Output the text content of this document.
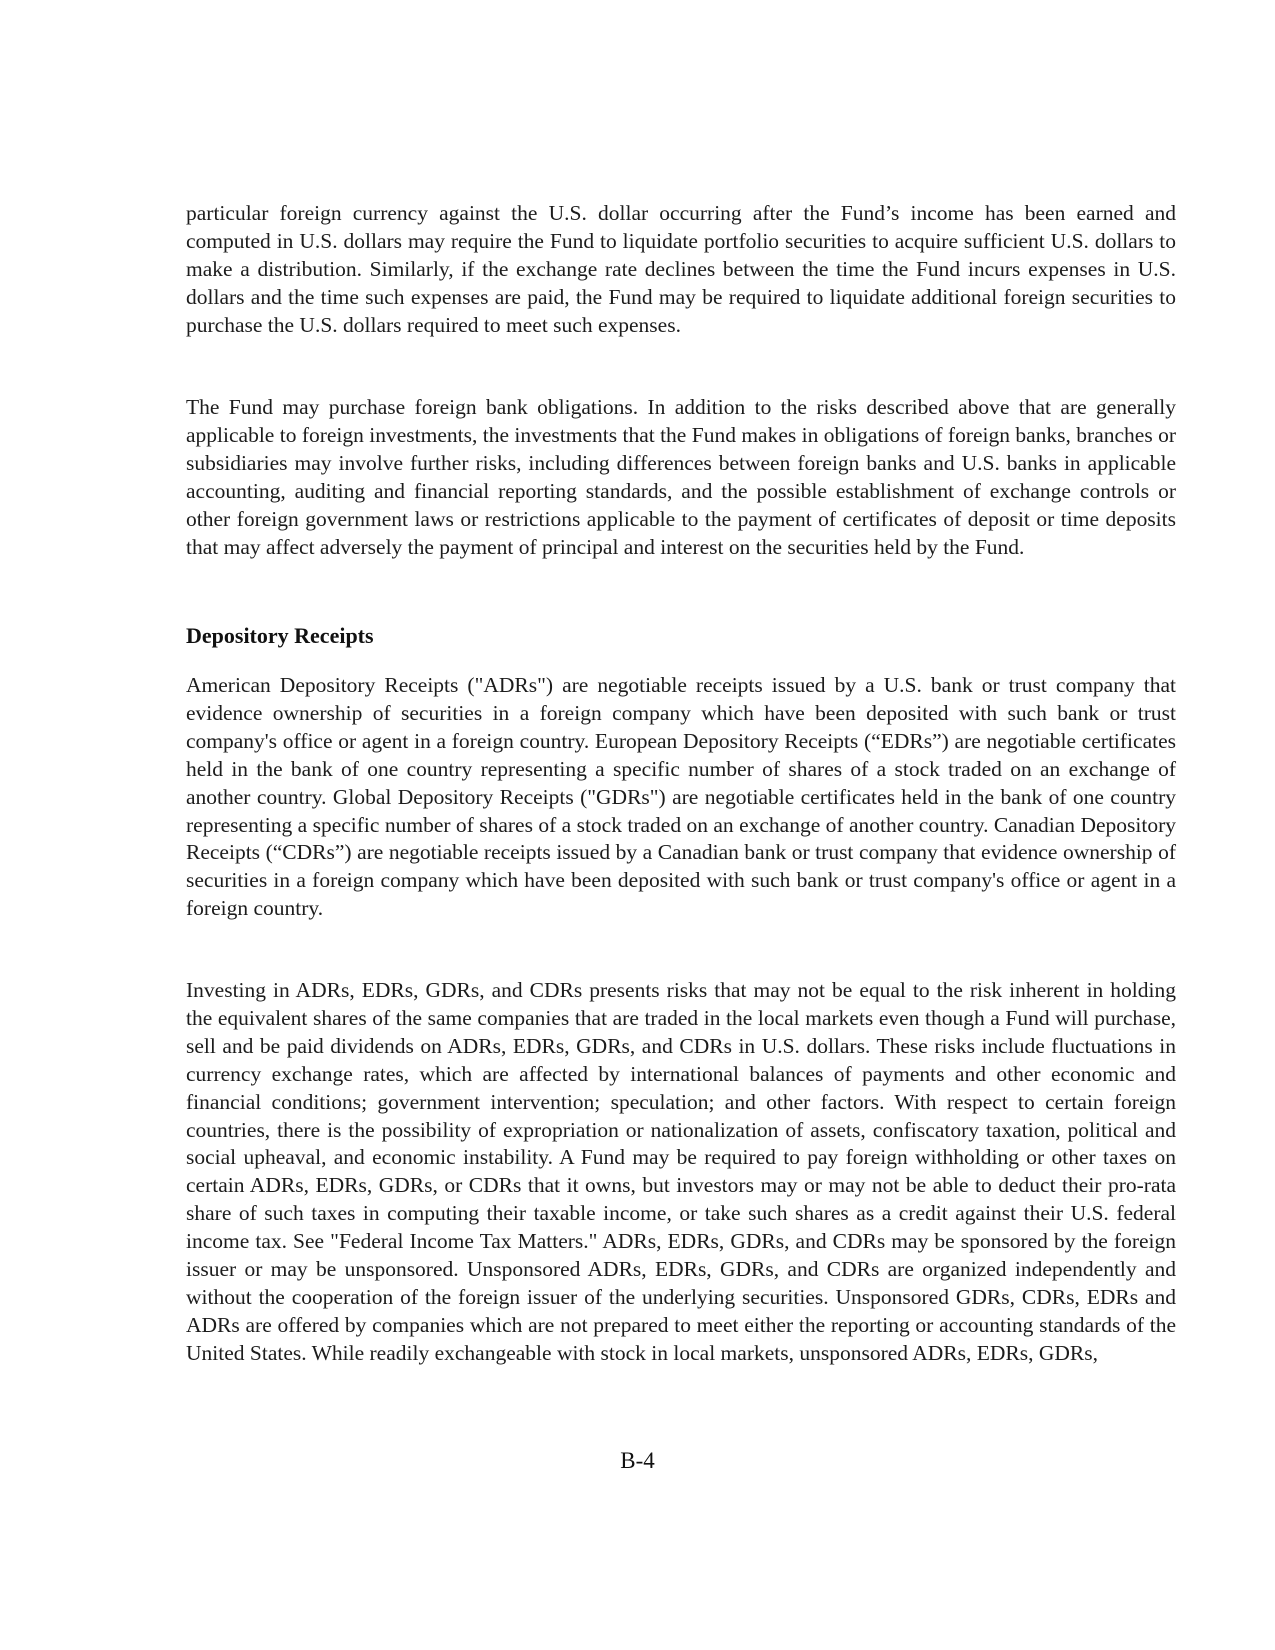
particular foreign currency against the U.S. dollar occurring after the Fund’s income has been earned and computed in U.S. dollars may require the Fund to liquidate portfolio securities to acquire sufficient U.S. dollars to make a distribution. Similarly, if the exchange rate declines between the time the Fund incurs expenses in U.S. dollars and the time such expenses are paid, the Fund may be required to liquidate additional foreign securities to purchase the U.S. dollars required to meet such expenses.

The Fund may purchase foreign bank obligations. In addition to the risks described above that are generally applicable to foreign investments, the investments that the Fund makes in obligations of foreign banks, branches or subsidiaries may involve further risks, including differences between foreign banks and U.S. banks in applicable accounting, auditing and financial reporting standards, and the possible establishment of exchange controls or other foreign government laws or restrictions applicable to the payment of certificates of deposit or time deposits that may affect adversely the payment of principal and interest on the securities held by the Fund.

Depository Receipts

American Depository Receipts ("ADRs") are negotiable receipts issued by a U.S. bank or trust company that evidence ownership of securities in a foreign company which have been deposited with such bank or trust company's office or agent in a foreign country. European Depository Receipts (“EDRs”) are negotiable certificates held in the bank of one country representing a specific number of shares of a stock traded on an exchange of another country. Global Depository Receipts ("GDRs") are negotiable certificates held in the bank of one country representing a specific number of shares of a stock traded on an exchange of another country. Canadian Depository Receipts (“CDRs”) are negotiable receipts issued by a Canadian bank or trust company that evidence ownership of securities in a foreign company which have been deposited with such bank or trust company's office or agent in a foreign country.

Investing in ADRs, EDRs, GDRs, and CDRs presents risks that may not be equal to the risk inherent in holding the equivalent shares of the same companies that are traded in the local markets even though a Fund will purchase, sell and be paid dividends on ADRs, EDRs, GDRs, and CDRs in U.S. dollars. These risks include fluctuations in currency exchange rates, which are affected by international balances of payments and other economic and financial conditions; government intervention; speculation; and other factors. With respect to certain foreign countries, there is the possibility of expropriation or nationalization of assets, confiscatory taxation, political and social upheaval, and economic instability. A Fund may be required to pay foreign withholding or other taxes on certain ADRs, EDRs, GDRs, or CDRs that it owns, but investors may or may not be able to deduct their pro-rata share of such taxes in computing their taxable income, or take such shares as a credit against their U.S. federal income tax. See "Federal Income Tax Matters." ADRs, EDRs, GDRs, and CDRs may be sponsored by the foreign issuer or may be unsponsored. Unsponsored ADRs, EDRs, GDRs, and CDRs are organized independently and without the cooperation of the foreign issuer of the underlying securities. Unsponsored GDRs, CDRs, EDRs and ADRs are offered by companies which are not prepared to meet either the reporting or accounting standards of the United States. While readily exchangeable with stock in local markets, unsponsored ADRs, EDRs, GDRs,

B-4
